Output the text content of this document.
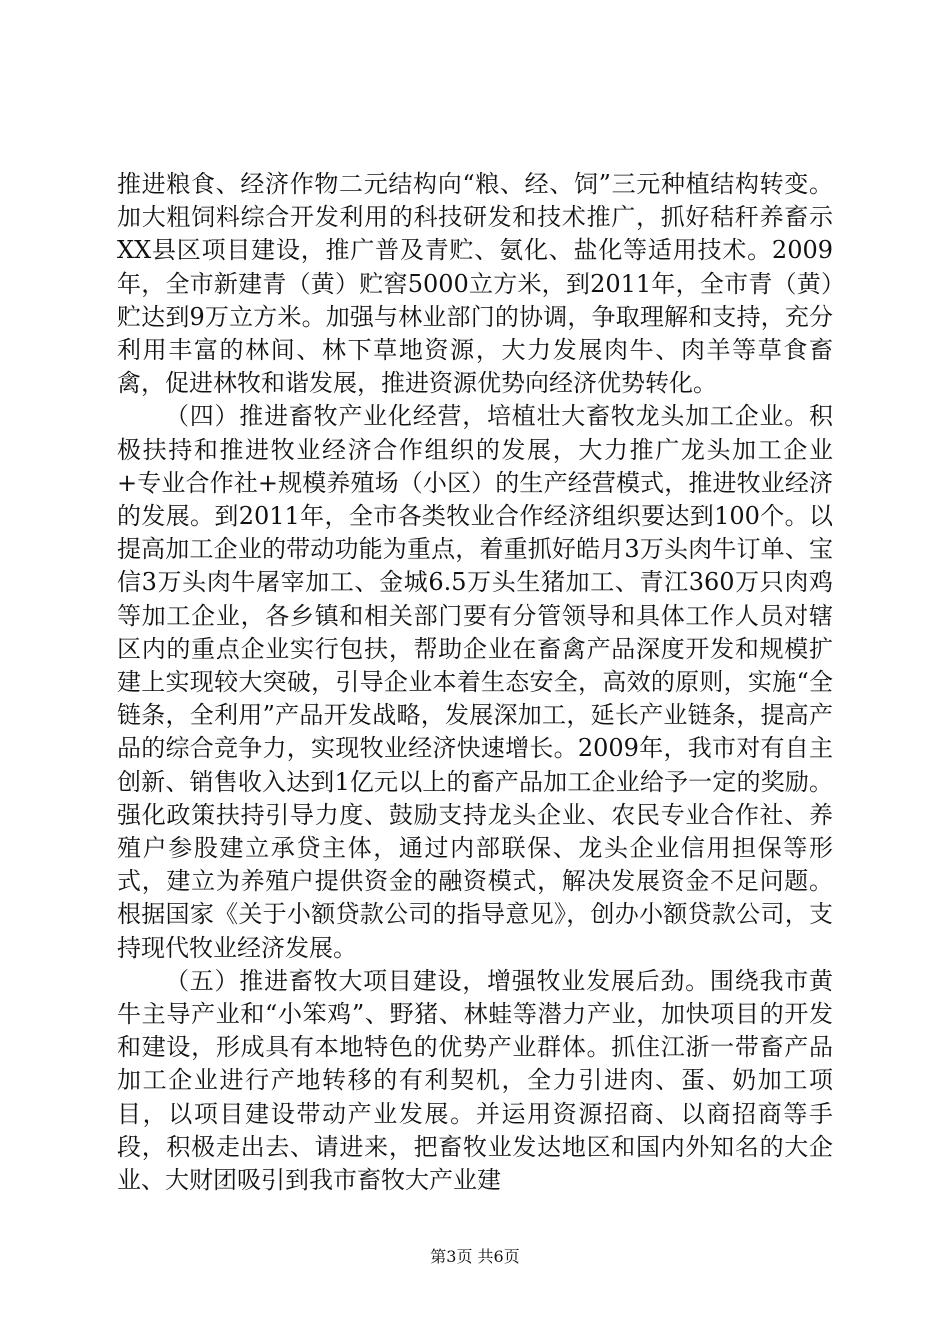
推进粮食、经济作物二元结构向“粮、经、饲”三元种植结构转变。加大粗饲料综合开发利用的科技研发和技术推广，抓好秸秆养畜示XX县区项目建设，推广普及青贮、氨化、盐化等适用技术。2009年，全市新建青（黄）贮窖5000立方米，到2011年，全市青（黄）贮达到9万立方米。加强与林业部门的协调，争取理解和支持，充分利用丰富的林间、林下草地资源，大力发展肉牛、肉羊等草食畜禽，促进林牧和谐发展，推进资源优势向经济优势转化。

（四）推进畜牧产业化经营，培植壮大畜牧龙头加工企业。积极扶持和推进牧业经济合作组织的发展，大力推广龙头加工企业+专业合作社+规模养殖场（小区）的生产经营模式，推进牧业经济的发展。到2011年，全市各类牧业合作经济组织要达到100个。以提高加工企业的带动功能为重点，着重抓好皓月3万头肉牛订单、宝信3万头肉牛屠宰加工、金城6.5万头生猪加工、青江360万只肉鸡等加工企业，各乡镇和相关部门要有分管领导和具体工作人员对辖区内的重点企业实行包扶，帮助企业在畜禽产品深度开发和规模扩建上实现较大突破，引导企业本着生态安全，高效的原则，实施“全链条，全利用”产品开发战略，发展深加工，延长产业链条，提高产品的综合竞争力，实现牧业经济快速增长。2009年，我市对有自主创新、销售收入达到1亿元以上的畜产品加工企业给予一定的奖励。强化政策扶持引导力度、鼓励支持龙头企业、农民专业合作社、养殖户参股建立承贷主体，通过内部联保、龙头企业信用担保等形式，建立为养殖户提供资金的融资模式，解决发展资金不足问题。根据国家《关于小额贷款公司的指导意见》，创办小额贷款公司，支持现代牧业经济发展。

（五）推进畜牧大项目建设，增强牧业发展后劲。围绕我市黄牛主导产业和“小笨鸡”、野猪、林蛙等潜力产业，加快项目的开发和建设，形成具有本地特色的优势产业群体。抓住江浙一带畜产品加工企业进行产地转移的有利契机，全力引进肉、蛋、奶加工项目，以项目建设带动产业发展。并运用资源招商、以商招商等手段，积极走出去、请进来，把畜牧业发达地区和国内外知名的大企业、大财团吸引到我市畜牧大产业建

第3页 共6页
